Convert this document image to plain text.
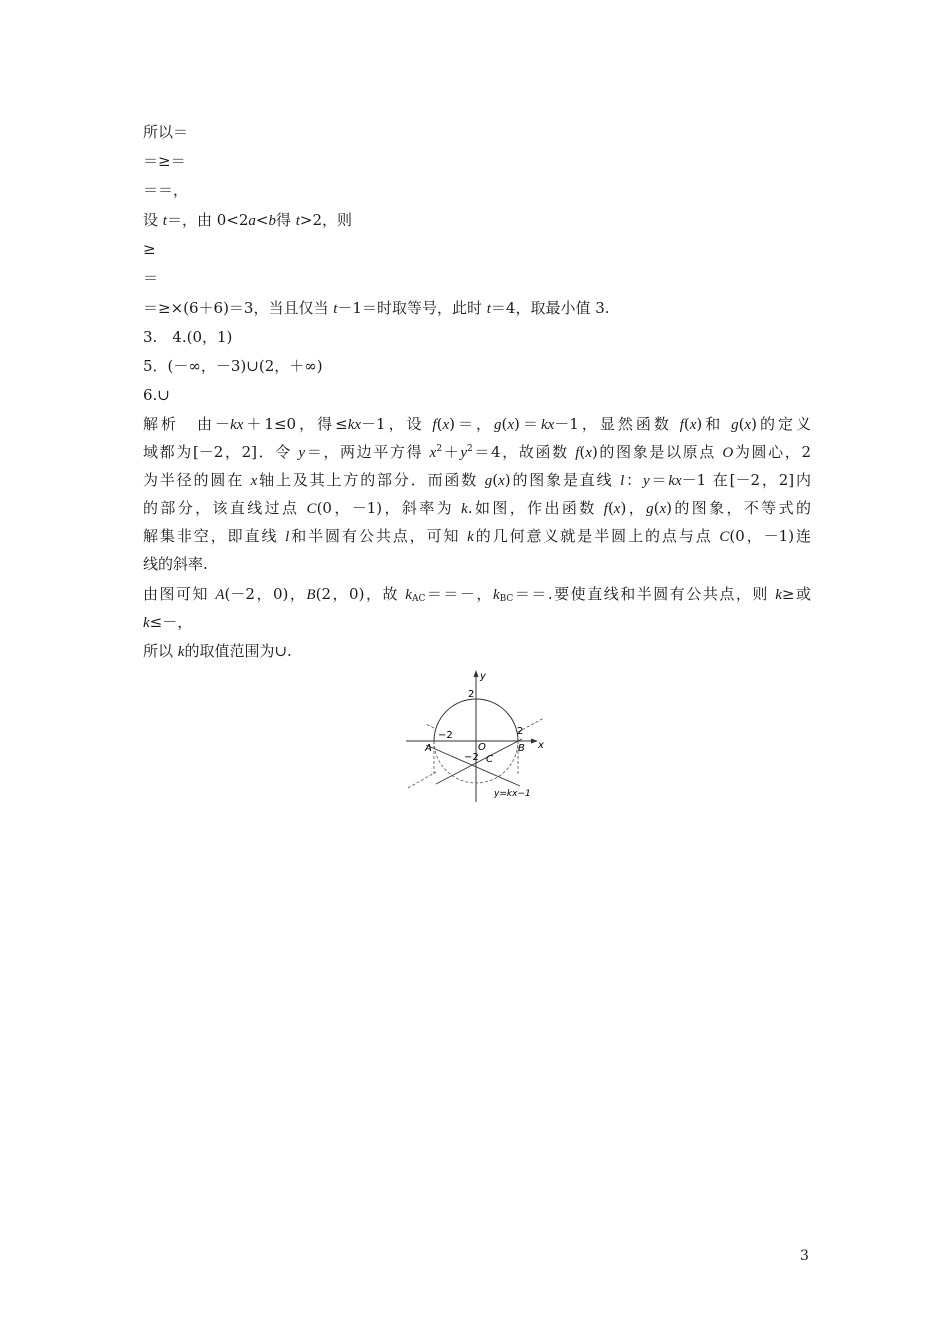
所以＝
＝≥＝
＝＝，
设 t＝，由 0<2a<b得 t>2，则
≥
＝
＝≥×(6＋6)＝3，当且仅当 t－1＝时取等号，此时 t＝4，取最小值 3.
3.　4.(0，1)
5．(－∞，－3)∪(2，＋∞)
6.∪
解析　由－kx＋1≤0，得≤kx－1，设 f(x)＝，g(x)＝kx－1，显然函数 f(x)和 g(x)的定义
域都为[－2，2]．令 y＝，两边平方得 $x^2+y^2=4$，故函数 f(x)的图象是以原点 O为圆心，2
为半径的圆在 x轴上及其上方的部分．而函数 g(x)的图象是直线 l：y＝kx－1 在[－2，2]内
的部分，该直线过点 C(0，－1)，斜率为 k.如图，作出函数 f(x)，g(x)的图象，不等式的
解集非空，即直线 l和半圆有公共点，可知 k的几何意义就是半圆上的点与点 C(0，－1)连
线的斜率.
由图可知 A(－2，0)，B(2，0)，故 $k_{AC}==-$，$k_{BC}==$.要使直线和半圆有公共点，则 k≥或
k≤－，
所以 k的取值范围为∪.
y
x
2
−2	2
−2
A	B
O
C
y=kx−1
3
